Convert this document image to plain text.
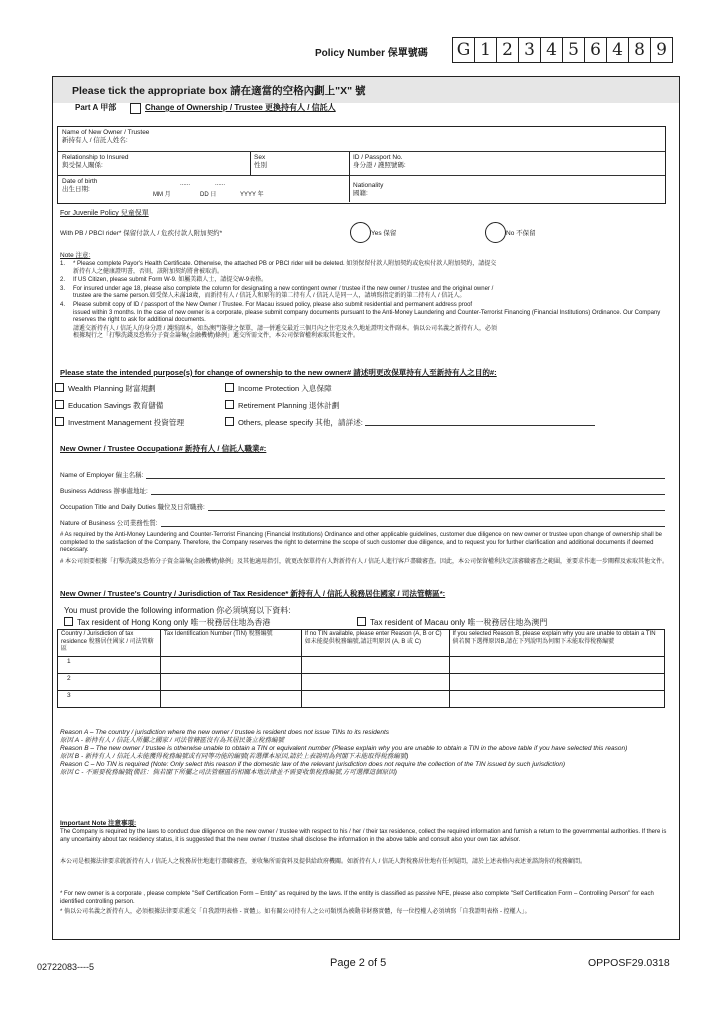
Policy Number 保單號碼 G 1 2 3 4 5 6 4 8 9
Please tick the appropriate box 請在適當的空格內劃上"X" 號
Part A 甲部	Change of Ownership / Trustee 更換持有人 / 信託人
Name of New Owner / Trustee
新持有人 / 信託人姓名:
Relationship to Insured
與受保人關係:
Sex
性別
ID / Passport No.
身分證 / 護照號碼:
Date of birth
出生日期:
......	......
MM 月	DD 日	YYYY 年
Nationality
國籍:
For Juvenile Policy 兒童保單
With PB / PBCI rider* 保留付款人 / 危疾付款人附加契約*	Yes 保留	No 不保留
Note 注意:
1.	* Please complete Payor's Health Certificate. Otherwise, the attached PB or PBCI rider will be deleted. 如須保留付款人附加契約或危疾付款人附加契約，請提交
新持有人之健康證明書，否則，該附加契約將會被取消。
2.	If US Citizen, please submit Form W-9. 如屬美籍人士，請提交W-9表格。
3.	For insured under age 18, please also complete the column for designating a new contingent owner / trustee if the new owner / trustee and the original owner /
trustee are the same person.如受保人未滿18歲，而新持有人 / 信託人和原有的第二持有人 / 信託人是同一人，請填寫指定新的第二持有人 / 信託人。
4.	Please submit copy of ID / passport of the New Owner / Trustee. For Macau issued policy, please also submit residential and permanent address proof
issued within 3 months. In the case of new owner is a corporate, please submit company documents pursuant to the Anti-Money Laundering and Counter-Terrorist Financing (Financial Institutions) Ordinance. Our Company reserves the right to ask for additional documents.
請遞交新持有人 / 信託人的身分證 / 護照副本。如為澳門簽發之保單，請一併遞交最近三個月內之住宅及永久地址證明文件副本。倘以公司名義之新持有人，必須
根據現行之「打擊洗錢及恐怖分子資金籌集(金融機構)條例」遞交所需文件，本公司保留權利索取其他文件。
Please state the intended purpose(s) for change of ownership to the new owner# 請述明更改保單持有人至新持有人之目的#:
Wealth Planning 財富規劃	Income Protection 入息保障
Education Savings 教育儲備	Retirement Planning 退休計劃
Investment Management 投資管理	Others, please specify 其他，請詳述:
New Owner / Trustee Occupation# 新持有人 / 信託人職業#:
Name of Employer 僱主名稱:
Business Address 辦事處地址:
Occupation Title and Daily Duties 職位及日常職務:
Nature of Business 公司業務性質:
# As required by the Anti-Money Laundering and Counter-Terrorist Financing (Financial Institutions) Ordinance and other applicable guidelines, customer due diligence on new owner or trustee upon change of ownership shall be completed to the satisfaction of the Company. Therefore, the Company reserves the right to determine the scope of such customer due diligence, and to request you for further clarification and additional documents if deemed necessary.
# 本公司須要根據「打擊洗錢及恐怖分子資金籌集(金融機構)條例」及其他適用指引，就更改保單持有人對新持有人 / 信託人進行客戶盡職審查。因此，本公司保留權利決定該審職審查之範圍，並要求作進一步闡釋及索取其他文件。
New Owner / Trustee's Country / Jurisdiction of Tax Residence* 新持有人 / 信託人稅務居住國家 / 司法管轄區*:
You must provide the following information 你必須填寫以下資料:
Tax resident of Hong Kong only 唯一稅務居住地為香港	Tax resident of Macau only 唯一稅務居住地為澳門
Country / Jurisdiction of tax residence 稅務居住國家 / 司法管轄區	Tax Identification Number (TIN) 稅務編號	If no TIN available, please enter Reason (A, B or C) 如未能提供稅務編號,請註明原因 (A, B 或 C)	If you selected Reason B, please explain why you are unable to obtain a TIN 倘若閣下選擇原因B,請在下列說明為何閣下未能取得稅務編號
1			
2			
3			
Reason A – The country / jurisdiction where the new owner / trustee is resident does not issue TINs to its residents
原因 A - 新持有人 / 信託人所屬之國家 / 司法管轄區沒有為其居民簽立稅務編號
Reason B – The new owner / trustee is otherwise unable to obtain a TIN or equivalent number (Please explain why you are unable to obtain a TIN in the above table if you have selected this reason)
原因 B - 新持有人 / 信託人未能獲得稅務編號或有同等功能的編號(若選擇本原因,請於上表說明為何閣下未能取得稅務編號)
Reason C – No TIN is required (Note: Only select this reason if the domestic law of the relevant jurisdiction does not require the collection of the TIN issued by such jurisdiction)
原因 C - 不需要稅務編號(備註：倘若閣下所屬之司法管轄區的相關本地法律並不需要收集稅務編號,方可選擇這個原因)
Important Note 注意事項:
The Company is required by the laws to conduct due diligence on the new owner / trustee with respect to his / her / their tax residence, collect the required information and furnish a return to the governmental authorities. If there is any uncertainty about tax residency status, it is suggested that the new owner / trustee shall disclose the information in the above table and consult also your own tax advisor.
本公司是根據法律要求就新持有人 / 信託人之稅務居住地進行盡職審查，並收集所需資料及提供給政府機關。如新持有人 / 信託人對稅務居住地有任何疑問，請於上述表格內表述並諮詢你的稅務顧問。
* For new owner is a corporate , please complete "Self Certification Form – Entity" as required by the laws. If the entity is classified as passive NFE, please also complete "Self Certification Form – Controlling Person" for each identified controlling person.
* 倘以公司名義之新持有人，必須根據法律要求遞交「自我證明表格 - 實體」。如有關公司持有人之公司類別為被動非財務實體，每一位控權人必須填寫「自我證明表格 - 控權人」。
02722083----5	Page 2 of 5	OPPOSF29.0318
